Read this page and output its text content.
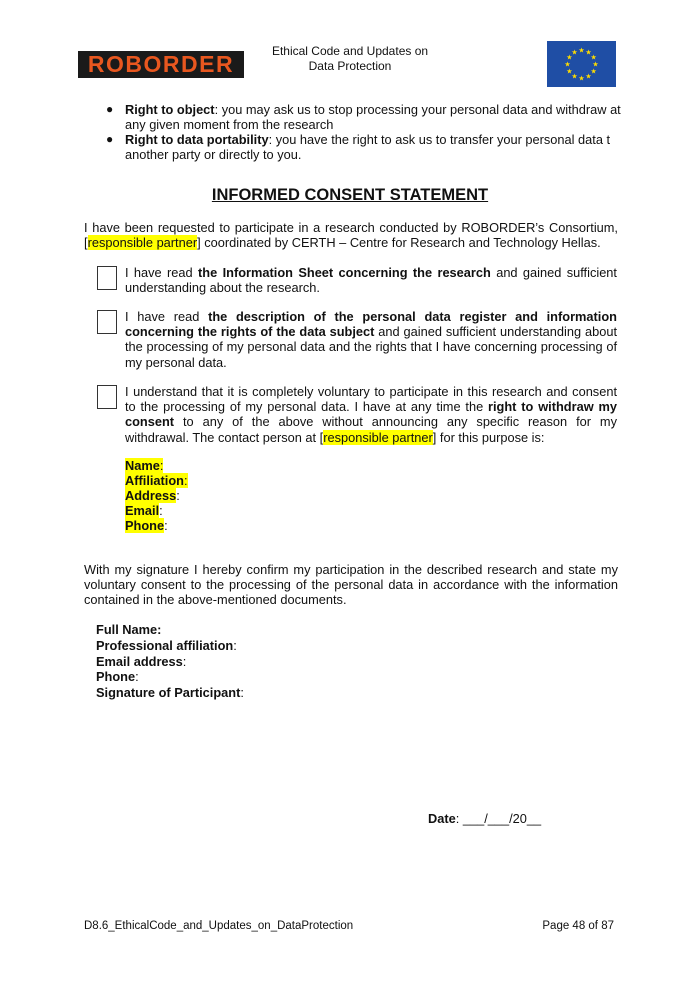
ROBORDER	Ethical Code and Updates on
Data Protection
★ ★
★
★
★
★
★
★
★
★
★
★
● Right to object: you may ask us to stop processing your personal data and withdraw at any given moment from the research
● Right to data portability: you have the right to ask us to transfer your personal data t another party or directly to you.
INFORMED CONSENT STATEMENT
I have been requested to participate in a research conducted by ROBORDER’s Consortium, [responsible partner] coordinated by CERTH – Centre for Research and Technology Hellas.
I have read the Information Sheet concerning the research and gained sufficient understanding about the research.
I have read the description of the personal data register and information concerning the rights of the data subject and gained sufficient understanding about the processing of my personal data and the rights that I have concerning processing of my personal data.
I understand that it is completely voluntary to participate in this research and consent to the processing of my personal data. I have at any time the right to withdraw my consent to any of the above without announcing any specific reason for my withdrawal. The contact person at [responsible partner] for this purpose is:
Name:
Affiliation:
Address:
Email:
Phone:
With my signature I hereby confirm my participation in the described research and state my voluntary consent to the processing of the personal data in accordance with the information contained in the above-mentioned documents.
Full Name:
Professional affiliation:
Email address:
Phone:
Signature of Participant:
Date: ___/___/20__
D8.6_EthicalCode_and_Updates_on_DataProtection	Page 48 of 87
